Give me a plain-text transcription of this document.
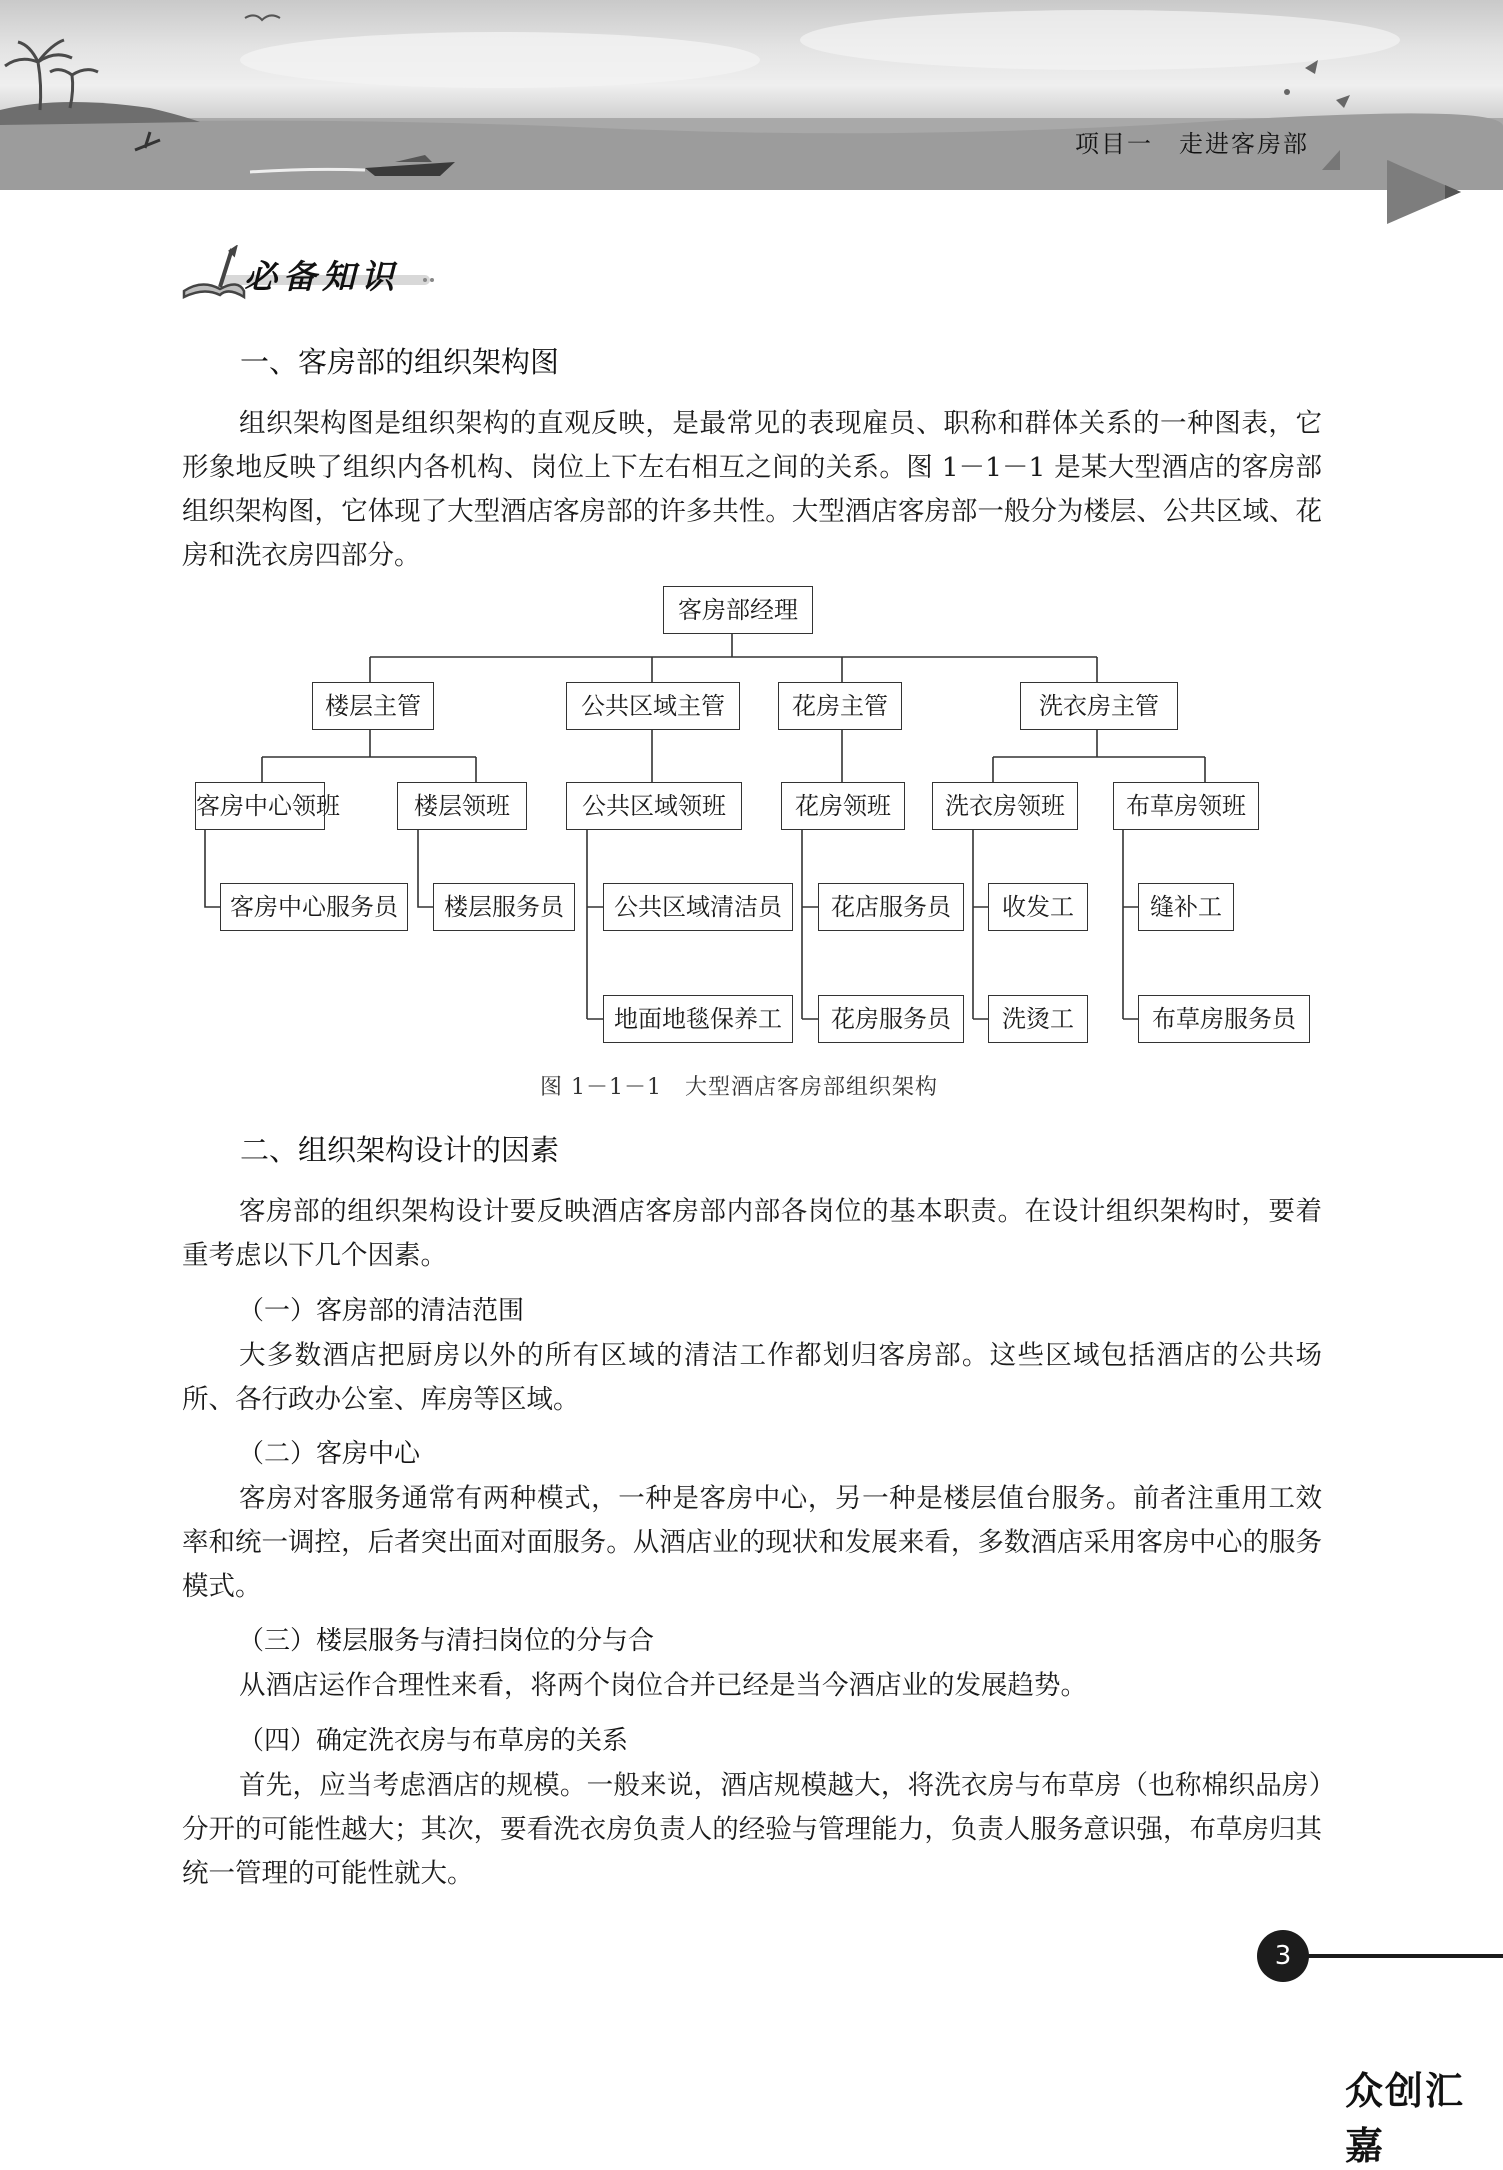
项目一　走进客房部
必备知识
一、客房部的组织架构图

组织架构图是组织架构的直观反映，是最常见的表现雇员、职称和群体关系的一种图表，它形象地反映了组织内各机构、岗位上下左右相互之间的关系。图 1－1－1 是某大型酒店的客房部组织架构图，它体现了大型酒店客房部的许多共性。大型酒店客房部一般分为楼层、公共区域、花房和洗衣房四部分。

客房部经理
楼层主管	公共区域主管	花房主管	洗衣房主管
客房中心领班	楼层领班	公共区域领班	花房领班	洗衣房领班	布草房领班
客房中心服务员	楼层服务员	公共区域清洁员	花店服务员	收发工	缝补工
地面地毯保养工	花房服务员	洗烫工	布草房服务员
图 1－1－1　大型酒店客房部组织架构
二、组织架构设计的因素

客房部的组织架构设计要反映酒店客房部内部各岗位的基本职责。在设计组织架构时，要着重考虑以下几个因素。

（一）客房部的清洁范围

大多数酒店把厨房以外的所有区域的清洁工作都划归客房部。这些区域包括酒店的公共场所、各行政办公室、库房等区域。

（二）客房中心

客房对客服务通常有两种模式，一种是客房中心，另一种是楼层值台服务。前者注重用工效率和统一调控，后者突出面对面服务。从酒店业的现状和发展来看，多数酒店采用客房中心的服务模式。

（三）楼层服务与清扫岗位的分与合

从酒店运作合理性来看，将两个岗位合并已经是当今酒店业的发展趋势。

（四）确定洗衣房与布草房的关系

首先，应当考虑酒店的规模。一般来说，酒店规模越大，将洗衣房与布草房（也称棉织品房）分开的可能性越大；其次，要看洗衣房负责人的经验与管理能力，负责人服务意识强，布草房归其统一管理的可能性就大。

3
众创汇嘉
